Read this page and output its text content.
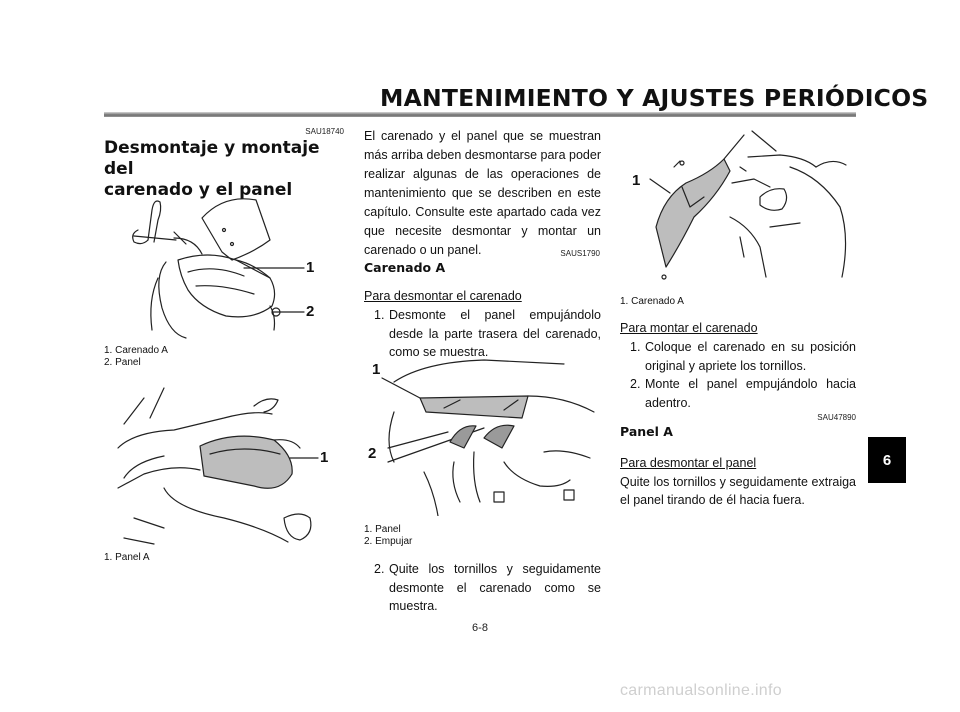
MANTENIMIENTO Y AJUSTES PERIÓDICOS
6
SAU18740
Desmontaje y montaje del
carenado y el panel
1
2
1. Carenado A
2. Panel
1
1. Panel A
El carenado y el panel que se muestran más arriba deben desmontarse para poder realizar algunas de las operaciones de mantenimiento que se describen en este capítulo. Consulte este apartado cada vez que necesite desmontar y montar un carenado o un panel.	SAUS1790
Carenado A
Para desmontar el carenado
1. Desmonte el panel empujándolo desde la parte trasera del carenado, como se muestra.
1
2
1. Panel
2. Empujar
2. Quite los tornillos y seguidamente desmonte el carenado como se muestra.
1
1. Carenado A
Para montar el carenado
1. Coloque el carenado en su posición original y apriete los tornillos.
2. Monte el panel empujándolo hacia adentro.
SAU47890
Panel A
Para desmontar el panel
Quite los tornillos y seguidamente extraiga el panel tirando de él hacia fuera.
6-8
carmanualsonline.info
